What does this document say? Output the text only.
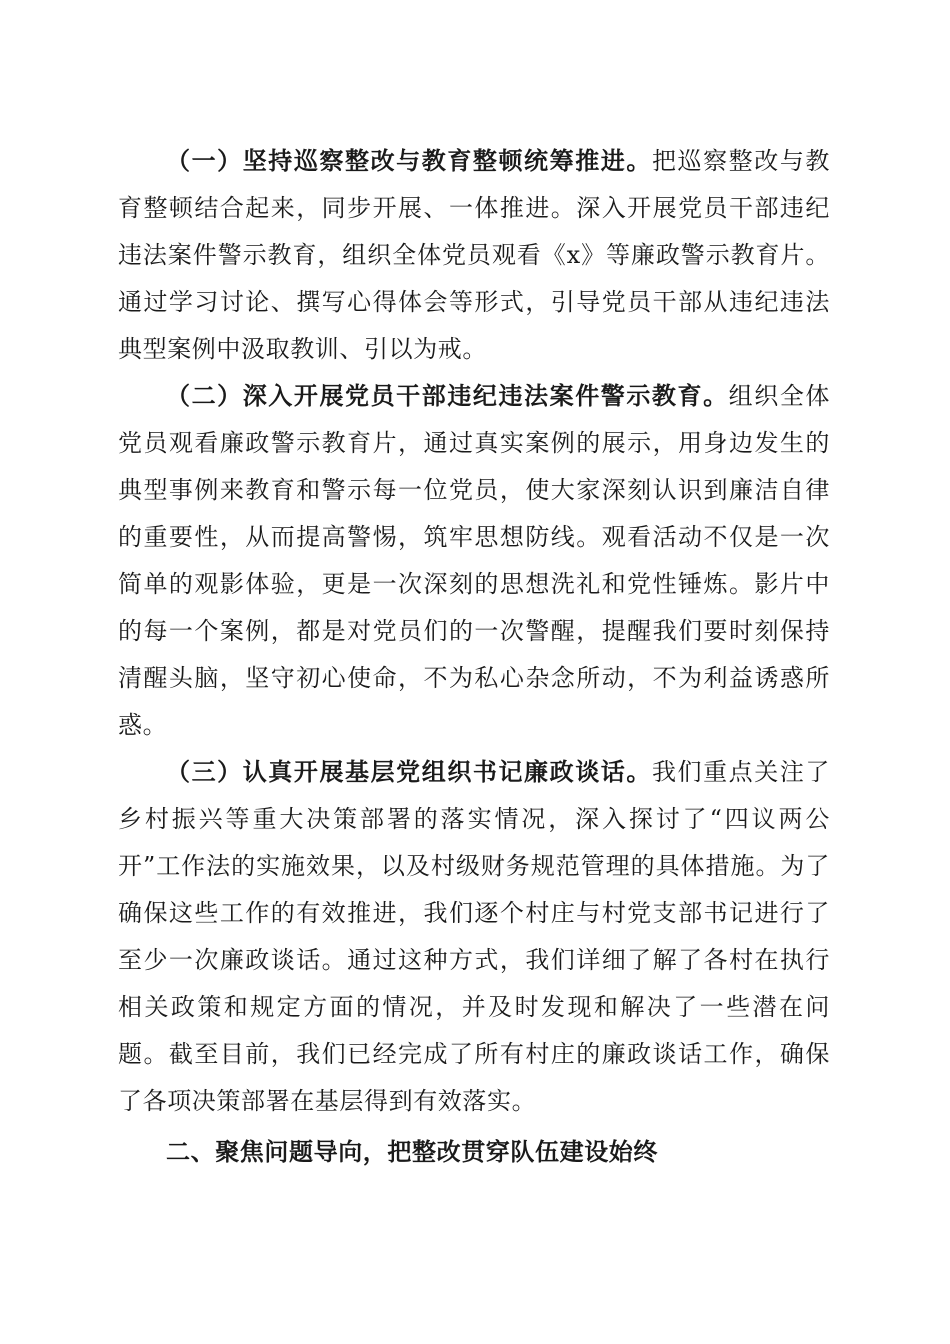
（一）坚持巡察整改与教育整顿统筹推进。把巡察整改与教育整顿结合起来，同步开展、一体推进。深入开展党员干部违纪违法案件警示教育，组织全体党员观看《x》等廉政警示教育片。通过学习讨论、撰写心得体会等形式，引导党员干部从违纪违法典型案例中汲取教训、引以为戒。

（二）深入开展党员干部违纪违法案件警示教育。组织全体党员观看廉政警示教育片，通过真实案例的展示，用身边发生的典型事例来教育和警示每一位党员，使大家深刻认识到廉洁自律的重要性，从而提高警惕，筑牢思想防线。观看活动不仅是一次简单的观影体验，更是一次深刻的思想洗礼和党性锤炼。影片中的每一个案例，都是对党员们的一次警醒，提醒我们要时刻保持清醒头脑，坚守初心使命，不为私心杂念所动，不为利益诱惑所惑。

（三）认真开展基层党组织书记廉政谈话。我们重点关注了乡村振兴等重大决策部署的落实情况，深入探讨了“四议两公开”工作法的实施效果，以及村级财务规范管理的具体措施。为了确保这些工作的有效推进，我们逐个村庄与村党支部书记进行了至少一次廉政谈话。通过这种方式，我们详细了解了各村在执行相关政策和规定方面的情况，并及时发现和解决了一些潜在问题。截至目前，我们已经完成了所有村庄的廉政谈话工作，确保了各项决策部署在基层得到有效落实。

二、聚焦问题导向，把整改贯穿队伍建设始终
